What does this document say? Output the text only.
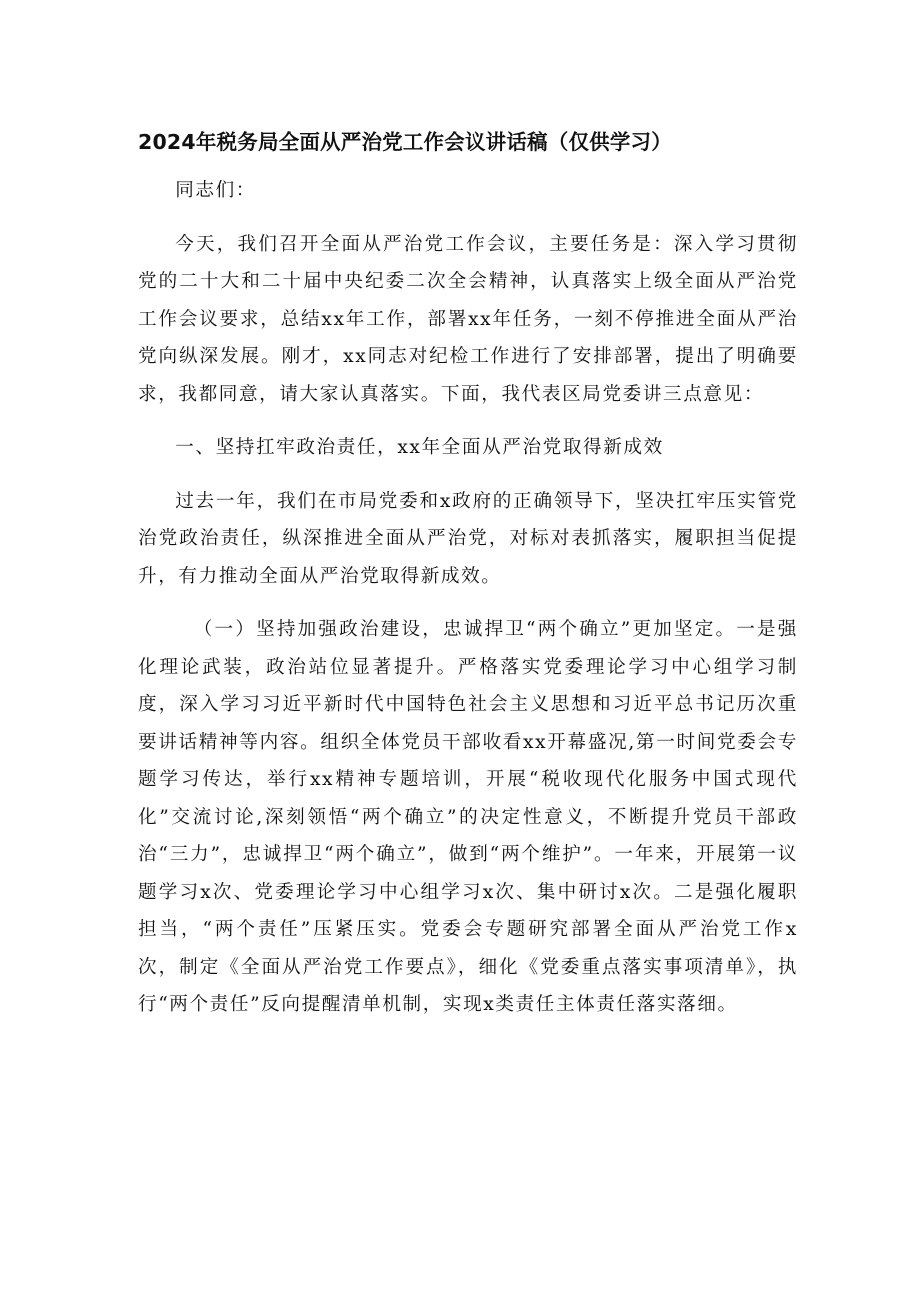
2024年税务局全面从严治党工作会议讲话稿（仅供学习）

同志们：

今天，我们召开全面从严治党工作会议，主要任务是：深入学习贯彻党的二十大和二十届中央纪委二次全会精神，认真落实上级全面从严治党工作会议要求，总结xx年工作，部署xx年任务，一刻不停推进全面从严治党向纵深发展。刚才，xx同志对纪检工作进行了安排部署，提出了明确要求，我都同意，请大家认真落实。下面，我代表区局党委讲三点意见：

一、坚持扛牢政治责任，xx年全面从严治党取得新成效

过去一年，我们在市局党委和x政府的正确领导下，坚决扛牢压实管党治党政治责任，纵深推进全面从严治党，对标对表抓落实，履职担当促提升，有力推动全面从严治党取得新成效。

（一）坚持加强政治建设，忠诚捍卫“两个确立”更加坚定。一是强化理论武装，政治站位显著提升。严格落实党委理论学习中心组学习制度，深入学习习近平新时代中国特色社会主义思想和习近平总书记历次重要讲话精神等内容。组织全体党员干部收看xx开幕盛况,第一时间党委会专题学习传达，举行xx精神专题培训，开展“税收现代化服务中国式现代化”交流讨论,深刻领悟“两个确立”的决定性意义，不断提升党员干部政治“三力”，忠诚捍卫“两个确立”，做到“两个维护”。一年来，开展第一议题学习x次、党委理论学习中心组学习x次、集中研讨x次。二是强化履职担当，“两个责任”压紧压实。党委会专题研究部署全面从严治党工作x次，制定《全面从严治党工作要点》，细化《党委重点落实事项清单》，执行“两个责任”反向提醒清单机制，实现x类责任主体责任落实落细。
